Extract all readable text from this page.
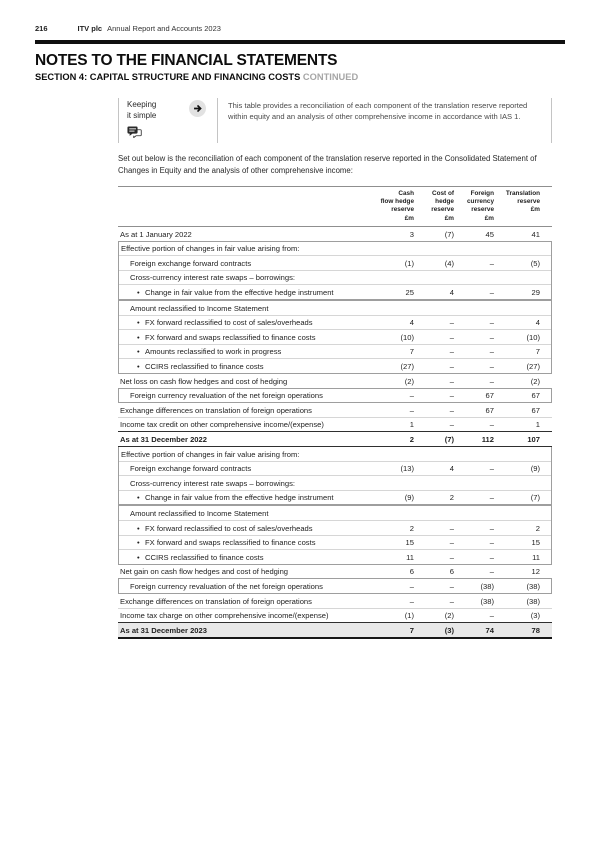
216	ITV plc Annual Report and Accounts 2023
NOTES TO THE FINANCIAL STATEMENTS
SECTION 4: CAPITAL STRUCTURE AND FINANCING COSTS CONTINUED
Keeping
it simple

This table provides a reconciliation of each component of the translation reserve reported within equity and an analysis of other comprehensive income in accordance with IAS 1.

Set out below is the reconciliation of each component of the translation reserve reported in the Consolidated Statement of Changes in Equity and the analysis of other comprehensive income:

Cash
flow hedge
reserve
£m
Cost of
hedge
reserve
£m
Foreign
currency
reserve
£m
Translation
reserve
£m
As at 1 January 2022	3	(7)	45	41
Effective portion of changes in fair value arising from:
Foreign exchange forward contracts	(1)	(4)	–	(5)
Cross-currency interest rate swaps – borrowings:
• Change in fair value from the effective hedge instrument	25	4	–	29
Amount reclassified to Income Statement
• FX forward reclassified to cost of sales/overheads	4	–	–	4
• FX forward and swaps reclassified to finance costs	(10)	–	–	(10)
• Amounts reclassified to work in progress	7	–	–	7
• CCIRS reclassified to finance costs	(27)	–	–	(27)
Net loss on cash flow hedges and cost of hedging	(2)	–	–	(2)
Foreign currency revaluation of the net foreign operations	–	–	67	67
Exchange differences on translation of foreign operations	–	–	67	67
Income tax credit on other comprehensive income/(expense)	1	–	–	1
As at 31 December 2022	2	(7)	112	107
Effective portion of changes in fair value arising from:
Foreign exchange forward contracts	(13)	4	–	(9)
Cross-currency interest rate swaps – borrowings:
• Change in fair value from the effective hedge instrument	(9)	2	–	(7)
Amount reclassified to Income Statement
• FX forward reclassified to cost of sales/overheads	2	–	–	2
• FX forward and swaps reclassified to finance costs	15	–	–	15
• CCIRS reclassified to finance costs	11	–	–	11
Net gain on cash flow hedges and cost of hedging	6	6	–	12
Foreign currency revaluation of the net foreign operations	–	–	(38)	(38)
Exchange differences on translation of foreign operations	–	–	(38)	(38)
Income tax charge on other comprehensive income/(expense)	(1)	(2)	–	(3)
As at 31 December 2023	7	(3)	74	78
